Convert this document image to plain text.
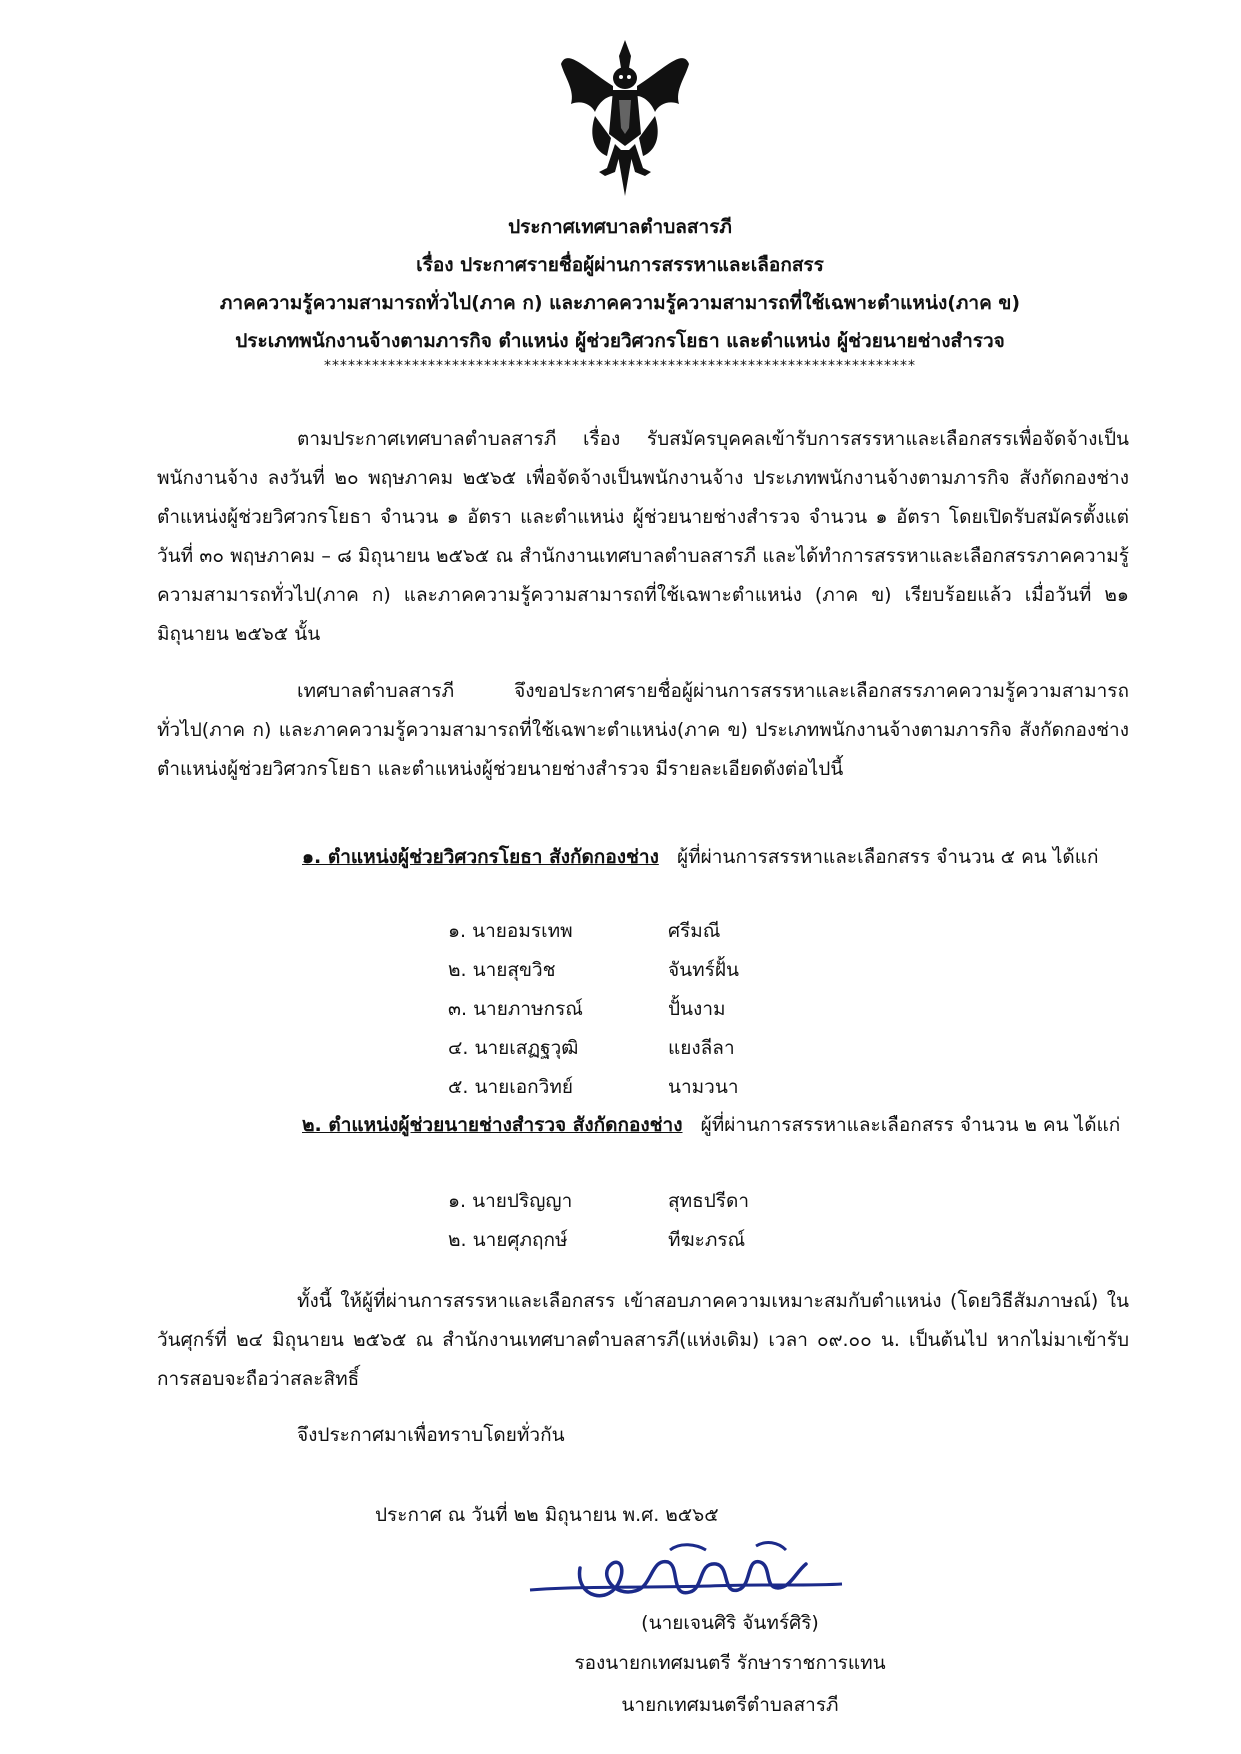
ประกาศเทศบาลตำบลสารภี
เรื่อง ประกาศรายชื่อผู้ผ่านการสรรหาและเลือกสรร
ภาคความรู้ความสามารถทั่วไป(ภาค ก) และภาคความรู้ความสามารถที่ใช้เฉพาะตำแหน่ง(ภาค ข)
ประเภทพนักงานจ้างตามภารกิจ ตำแหน่ง ผู้ช่วยวิศวกรโยธา และตำแหน่ง ผู้ช่วยนายช่างสำรวจ
**************************************************************************
ตามประกาศเทศบาลตำบลสารภี เรื่อง รับสมัครบุคคลเข้ารับการสรรหาและเลือกสรรเพื่อจัดจ้างเป็นพนักงานจ้าง ลงวันที่ ๒๐ พฤษภาคม ๒๕๖๕ เพื่อจัดจ้างเป็นพนักงานจ้าง ประเภทพนักงานจ้างตามภารกิจ สังกัดกองช่าง ตำแหน่งผู้ช่วยวิศวกรโยธา จำนวน ๑ อัตรา และตำแหน่ง ผู้ช่วยนายช่างสำรวจ จำนวน ๑ อัตรา โดยเปิดรับสมัครตั้งแต่วันที่ ๓๐ พฤษภาคม – ๘ มิถุนายน ๒๕๖๕ ณ สำนักงานเทศบาลตำบลสารภี และได้ทำการสรรหาและเลือกสรรภาคความรู้ความสามารถทั่วไป(ภาค ก) และภาคความรู้ความสามารถที่ใช้เฉพาะตำแหน่ง (ภาค ข) เรียบร้อยแล้ว เมื่อวันที่ ๒๑ มิถุนายน ๒๕๖๕ นั้น
เทศบาลตำบลสารภี จึงขอประกาศรายชื่อผู้ผ่านการสรรหาและเลือกสรรภาคความรู้ความสามารถทั่วไป(ภาค ก) และภาคความรู้ความสามารถที่ใช้เฉพาะตำแหน่ง(ภาค ข) ประเภทพนักงานจ้างตามภารกิจ สังกัดกองช่าง ตำแหน่งผู้ช่วยวิศวกรโยธา และตำแหน่งผู้ช่วยนายช่างสำรวจ มีรายละเอียดดังต่อไปนี้
๑. ตำแหน่งผู้ช่วยวิศวกรโยธา สังกัดกองช่าง ผู้ที่ผ่านการสรรหาและเลือกสรร จำนวน ๕ คน ได้แก่
๑. นายอมรเทพ	ศรีมณี
๒. นายสุขวิช	จันทร์ฝั้น
๓. นายภาษกรณ์	ปั้นงาม
๔. นายเสฏฐวุฒิ	แยงลีลา
๕. นายเอกวิทย์	นามวนา
๒. ตำแหน่งผู้ช่วยนายช่างสำรวจ สังกัดกองช่าง ผู้ที่ผ่านการสรรหาและเลือกสรร จำนวน ๒ คน ได้แก่
๑. นายปริญญา	สุทธปรีดา
๒. นายศุภฤกษ์	ทีฆะภรณ์
ทั้งนี้ ให้ผู้ที่ผ่านการสรรหาและเลือกสรร เข้าสอบภาคความเหมาะสมกับตำแหน่ง (โดยวิธีสัมภาษณ์) ในวันศุกร์ที่ ๒๔ มิถุนายน ๒๕๖๕ ณ สำนักงานเทศบาลตำบลสารภี(แห่งเดิม) เวลา ๐๙.๐๐ น. เป็นต้นไป หากไม่มาเข้ารับการสอบจะถือว่าสละสิทธิ์
จึงประกาศมาเพื่อทราบโดยทั่วกัน
ประกาศ ณ วันที่ ๒๒ มิถุนายน พ.ศ. ๒๕๖๕
(นายเจนศิริ จันทร์ศิริ)
รองนายกเทศมนตรี รักษาราชการแทน
นายกเทศมนตรีตำบลสารภี
